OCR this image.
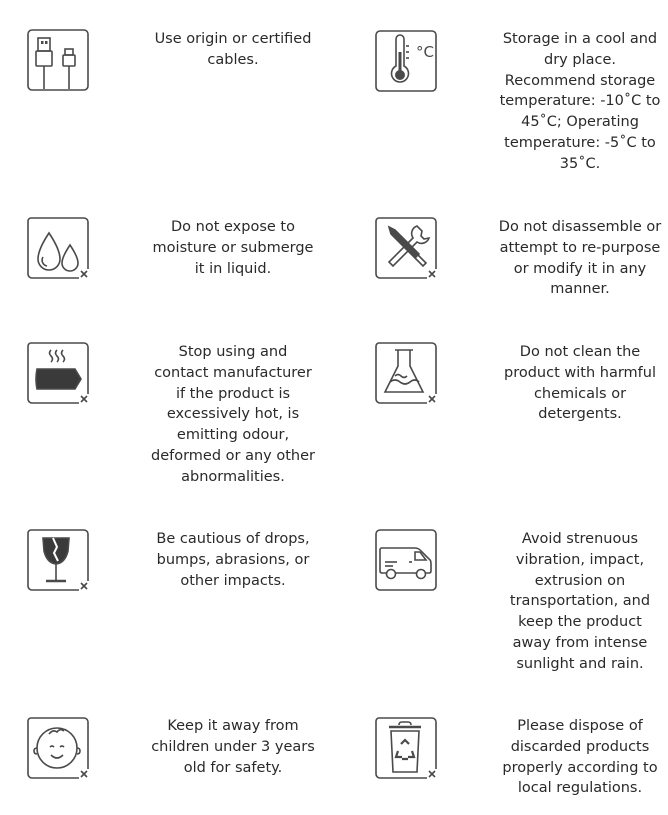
Use origin or certified cables.	°C
Storage in a cool and dry place. Recommend storage temperature: -10˚C to 45˚C; Operating temperature: -5˚C to 35˚C.
Do not expose to moisture or submerge it in liquid.
Do not disassemble or attempt to re-purpose or modify it in any manner.
Stop using and contact manufacturer if the product is excessively hot, is emitting odour, deformed or any other abnormalities.
Do not clean the product with harmful chemicals or detergents.
Be cautious of drops, bumps, abrasions, or other impacts.
Avoid strenuous vibration, impact, extrusion on transportation, and keep the product away from intense sunlight and rain.
Keep it away from children under 3 years old for safety.
Please dispose of discarded products properly according to local regulations.
